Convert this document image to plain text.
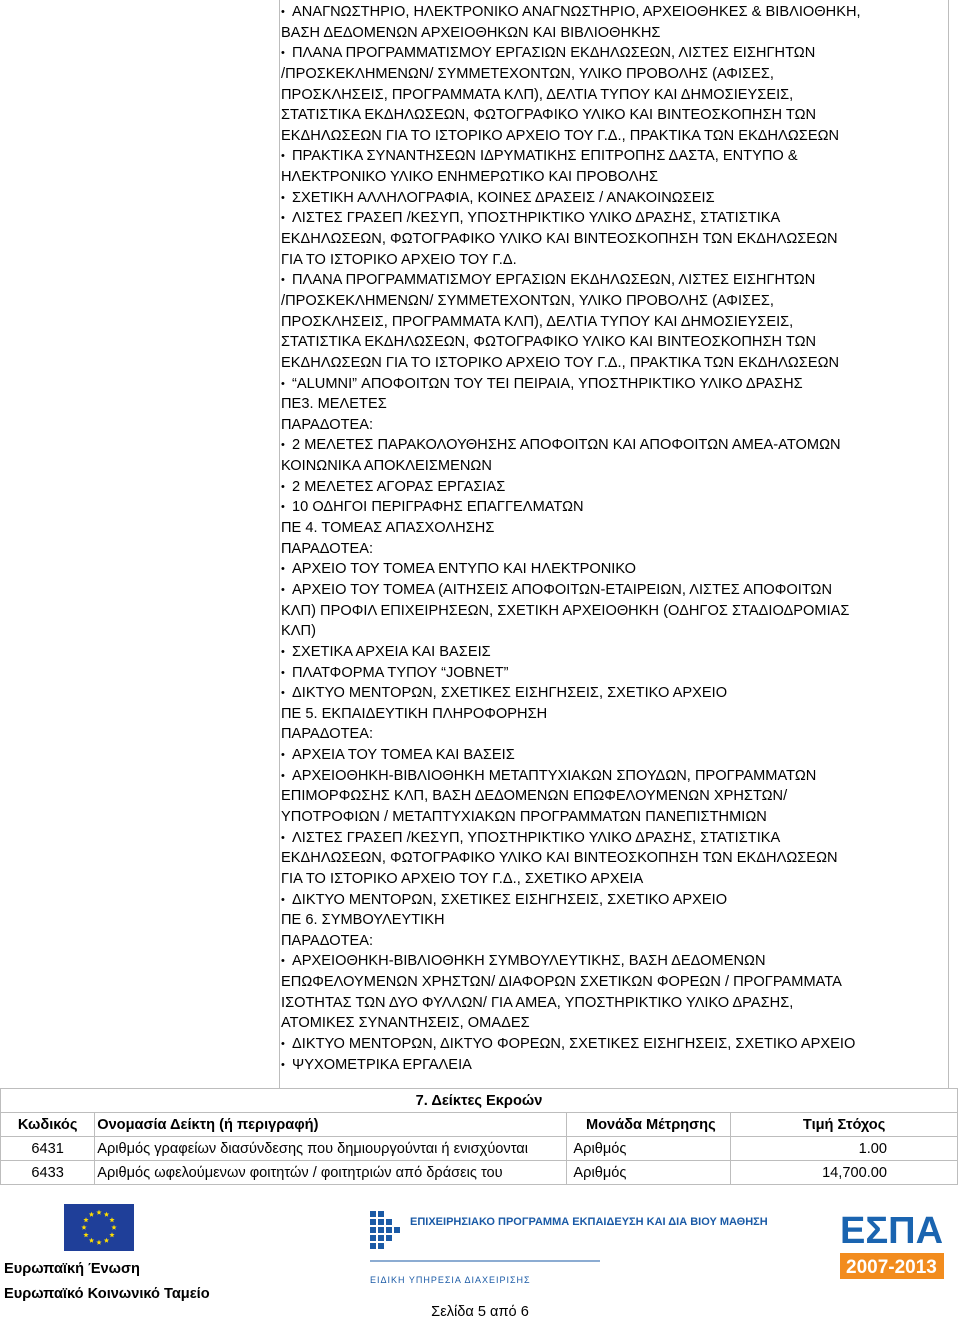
• ΑΝΑΓΝΩΣΤΗΡΙΟ, ΗΛΕΚΤΡΟΝΙΚΟ ΑΝΑΓΝΩΣΤΗΡΙΟ, ΑΡΧΕΙΟΘΗΚΕΣ & ΒΙΒΛΙΟΘΗΚΗ,
ΒΑΣΗ ΔΕΔΟΜΕΝΩΝ ΑΡΧΕΙΟΘΗΚΩΝ ΚΑΙ ΒΙΒΛΙΟΘΗΚΗΣ
• ΠΛΑΝΑ ΠΡΟΓΡΑΜΜΑΤΙΣΜΟΥ ΕΡΓΑΣΙΩΝ ΕΚΔΗΛΩΣΕΩΝ, ΛΙΣΤΕΣ ΕΙΣΗΓΗΤΩΝ
/ΠΡΟΣΚΕΚΛΗΜΕΝΩΝ/ ΣΥΜΜΕΤΕΧΟΝΤΩΝ, ΥΛΙΚΟ ΠΡΟΒΟΛΗΣ (ΑΦΙΣΕΣ,
ΠΡΟΣΚΛΗΣΕΙΣ, ΠΡΟΓΡΑΜΜΑΤΑ ΚΛΠ), ΔΕΛΤΙΑ ΤΥΠΟΥ ΚΑΙ ΔΗΜΟΣΙΕΥΣΕΙΣ,
ΣΤΑΤΙΣΤΙΚΑ ΕΚΔΗΛΩΣΕΩΝ, ΦΩΤΟΓΡΑΦΙΚΟ ΥΛΙΚΟ ΚΑΙ ΒΙΝΤΕΟΣΚΟΠΗΣΗ ΤΩΝ
ΕΚΔΗΛΩΣΕΩΝ ΓΙΑ ΤΟ ΙΣΤΟΡΙΚΟ ΑΡΧΕΙΟ ΤΟΥ Γ.Δ., ΠΡΑΚΤΙΚΑ ΤΩΝ ΕΚΔΗΛΩΣΕΩΝ
• ΠΡΑΚΤΙΚΑ ΣΥΝΑΝΤΗΣΕΩΝ ΙΔΡΥΜΑΤΙΚΗΣ ΕΠΙΤΡΟΠΗΣ ΔΑΣΤΑ, ΕΝΤΥΠΟ &
ΗΛΕΚΤΡΟΝΙΚΟ ΥΛΙΚΟ ΕΝΗΜΕΡΩΤΙΚΟ ΚΑΙ ΠΡΟΒΟΛΗΣ
• ΣΧΕΤΙΚΗ ΑΛΛΗΛΟΓΡΑΦΙΑ, ΚΟΙΝΕΣ ΔΡΑΣΕΙΣ / ΑΝΑΚΟΙΝΩΣΕΙΣ
• ΛΙΣΤΕΣ ΓΡΑΣΕΠ /ΚΕΣΥΠ, ΥΠΟΣΤΗΡΙΚΤΙΚΟ ΥΛΙΚΟ ΔΡΑΣΗΣ, ΣΤΑΤΙΣΤΙΚΑ
ΕΚΔΗΛΩΣΕΩΝ, ΦΩΤΟΓΡΑΦΙΚΟ ΥΛΙΚΟ ΚΑΙ ΒΙΝΤΕΟΣΚΟΠΗΣΗ ΤΩΝ ΕΚΔΗΛΩΣΕΩΝ
ΓΙΑ ΤΟ ΙΣΤΟΡΙΚΟ ΑΡΧΕΙΟ ΤΟΥ Γ.Δ.
• ΠΛΑΝΑ ΠΡΟΓΡΑΜΜΑΤΙΣΜΟΥ ΕΡΓΑΣΙΩΝ ΕΚΔΗΛΩΣΕΩΝ, ΛΙΣΤΕΣ ΕΙΣΗΓΗΤΩΝ
/ΠΡΟΣΚΕΚΛΗΜΕΝΩΝ/ ΣΥΜΜΕΤΕΧΟΝΤΩΝ, ΥΛΙΚΟ ΠΡΟΒΟΛΗΣ (ΑΦΙΣΕΣ,
ΠΡΟΣΚΛΗΣΕΙΣ, ΠΡΟΓΡΑΜΜΑΤΑ ΚΛΠ), ΔΕΛΤΙΑ ΤΥΠΟΥ ΚΑΙ ΔΗΜΟΣΙΕΥΣΕΙΣ,
ΣΤΑΤΙΣΤΙΚΑ ΕΚΔΗΛΩΣΕΩΝ, ΦΩΤΟΓΡΑΦΙΚΟ ΥΛΙΚΟ ΚΑΙ ΒΙΝΤΕΟΣΚΟΠΗΣΗ ΤΩΝ
ΕΚΔΗΛΩΣΕΩΝ ΓΙΑ ΤΟ ΙΣΤΟΡΙΚΟ ΑΡΧΕΙΟ ΤΟΥ Γ.Δ., ΠΡΑΚΤΙΚΑ ΤΩΝ ΕΚΔΗΛΩΣΕΩΝ
• “ALUMNI” ΑΠΟΦΟΙΤΩΝ ΤΟΥ ΤΕΙ ΠΕΙΡΑΙΑ, ΥΠΟΣΤΗΡΙΚΤΙΚΟ ΥΛΙΚΟ ΔΡΑΣΗΣ
ΠΕ3. ΜΕΛΕΤΕΣ
ΠΑΡΑΔΟΤΕΑ:
• 2 ΜΕΛΕΤΕΣ ΠΑΡΑΚΟΛΟΥΘΗΣΗΣ ΑΠΟΦΟΙΤΩΝ ΚΑΙ ΑΠΟΦΟΙΤΩΝ ΑΜΕΑ-ΑΤΟΜΩΝ
ΚΟΙΝΩΝΙΚΑ ΑΠΟΚΛΕΙΣΜΕΝΩΝ
• 2 ΜΕΛΕΤΕΣ ΑΓΟΡΑΣ ΕΡΓΑΣΙΑΣ
• 10 ΟΔΗΓΟΙ ΠΕΡΙΓΡΑΦΗΣ ΕΠΑΓΓΕΛΜΑΤΩΝ
ΠΕ 4. ΤΟΜΕΑΣ ΑΠΑΣΧΟΛΗΣΗΣ
ΠΑΡΑΔΟΤΕΑ:
• ΑΡΧΕΙΟ ΤΟΥ ΤΟΜΕΑ ΕΝΤΥΠΟ ΚΑΙ ΗΛΕΚΤΡΟΝΙΚΟ
• ΑΡΧΕΙΟ ΤΟΥ ΤΟΜΕΑ (ΑΙΤΗΣΕΙΣ ΑΠΟΦΟΙΤΩΝ-ΕΤΑΙΡΕΙΩΝ, ΛΙΣΤΕΣ ΑΠΟΦΟΙΤΩΝ
ΚΛΠ) ΠΡΟΦΙΛ ΕΠΙΧΕΙΡΗΣΕΩΝ, ΣΧΕΤΙΚΗ ΑΡΧΕΙΟΘΗΚΗ (ΟΔΗΓΟΣ ΣΤΑΔΙΟΔΡΟΜΙΑΣ
ΚΛΠ)
• ΣΧΕΤΙΚΑ ΑΡΧΕΙΑ ΚΑΙ ΒΑΣΕΙΣ
• ΠΛΑΤΦΟΡΜΑ ΤΥΠΟΥ “JOBNET”
• ΔΙΚΤΥΟ ΜΕΝΤΟΡΩΝ, ΣΧΕΤΙΚΕΣ ΕΙΣΗΓΗΣΕΙΣ, ΣΧΕΤΙΚΟ ΑΡΧΕΙΟ
ΠΕ 5. ΕΚΠΑΙΔΕΥΤΙΚΗ ΠΛΗΡΟΦΟΡΗΣΗ
ΠΑΡΑΔΟΤΕΑ:
• ΑΡΧΕΙΑ ΤΟΥ ΤΟΜΕΑ ΚΑΙ ΒΑΣΕΙΣ
• ΑΡΧΕΙΟΘΗΚΗ-ΒΙΒΛΙΟΘΗΚΗ ΜΕΤΑΠΤΥΧΙΑΚΩΝ ΣΠΟΥΔΩΝ, ΠΡΟΓΡΑΜΜΑΤΩΝ
ΕΠΙΜΟΡΦΩΣΗΣ ΚΛΠ, ΒΑΣΗ ΔΕΔΟΜΕΝΩΝ ΕΠΩΦΕΛΟΥΜΕΝΩΝ ΧΡΗΣΤΩΝ/
ΥΠΟΤΡΟΦΙΩΝ / ΜΕΤΑΠΤΥΧΙΑΚΩΝ ΠΡΟΓΡΑΜΜΑΤΩΝ ΠΑΝΕΠΙΣΤΗΜΙΩΝ
• ΛΙΣΤΕΣ ΓΡΑΣΕΠ /ΚΕΣΥΠ, ΥΠΟΣΤΗΡΙΚΤΙΚΟ ΥΛΙΚΟ ΔΡΑΣΗΣ, ΣΤΑΤΙΣΤΙΚΑ
ΕΚΔΗΛΩΣΕΩΝ, ΦΩΤΟΓΡΑΦΙΚΟ ΥΛΙΚΟ ΚΑΙ ΒΙΝΤΕΟΣΚΟΠΗΣΗ ΤΩΝ ΕΚΔΗΛΩΣΕΩΝ
ΓΙΑ ΤΟ ΙΣΤΟΡΙΚΟ ΑΡΧΕΙΟ ΤΟΥ Γ.Δ., ΣΧΕΤΙΚΟ ΑΡΧΕΙΑ
• ΔΙΚΤΥΟ ΜΕΝΤΟΡΩΝ, ΣΧΕΤΙΚΕΣ ΕΙΣΗΓΗΣΕΙΣ, ΣΧΕΤΙΚΟ ΑΡΧΕΙΟ
ΠΕ 6. ΣΥΜΒΟΥΛΕΥΤΙΚΗ
ΠΑΡΑΔΟΤΕΑ:
• ΑΡΧΕΙΟΘΗΚΗ-ΒΙΒΛΙΟΘΗΚΗ ΣΥΜΒΟΥΛΕΥΤΙΚΗΣ, ΒΑΣΗ ΔΕΔΟΜΕΝΩΝ
ΕΠΩΦΕΛΟΥΜΕΝΩΝ ΧΡΗΣΤΩΝ/ ΔΙΑΦΟΡΩΝ ΣΧΕΤΙΚΩΝ ΦΟΡΕΩΝ / ΠΡΟΓΡΑΜΜΑΤΑ
ΙΣΟΤΗΤΑΣ ΤΩΝ ΔΥΟ ΦΥΛΛΩΝ/ ΓΙΑ ΑΜΕΑ, ΥΠΟΣΤΗΡΙΚΤΙΚΟ ΥΛΙΚΟ ΔΡΑΣΗΣ,
ΑΤΟΜΙΚΕΣ ΣΥΝΑΝΤΗΣΕΙΣ, ΟΜΑΔΕΣ
• ΔΙΚΤΥΟ ΜΕΝΤΟΡΩΝ, ΔΙΚΤΥΟ ΦΟΡΕΩΝ, ΣΧΕΤΙΚΕΣ ΕΙΣΗΓΗΣΕΙΣ, ΣΧΕΤΙΚΟ ΑΡΧΕΙΟ
• ΨΥΧΟΜΕΤΡΙΚΑ ΕΡΓΑΛΕΙΑ
7. Δείκτες Εκροών			
Κωδικός	Ονομασία Δείκτη (ή περιγραφή)	Μονάδα Μέτρησης	Τιμή Στόχος
6431	Αριθμός γραφείων διασύνδεσης που δημιουργούνται ή ενισχύονται	Αριθμός	1.00
6433	Αριθμός ωφελούμενων φοιτητών / φοιτητριών από δράσεις του	Αριθμός	14,700.00
Ευρωπαϊκή Ένωση
Ευρωπαϊκό Κοινωνικό Ταμείο
ΕΠΙΧΕΙΡΗΣΙΑΚΟ ΠΡΟΓΡΑΜΜΑ ΕΚΠΑΙΔΕΥΣΗ ΚΑΙ ΔΙΑ ΒΙΟΥ ΜΑΘΗΣΗ
ΕΙΔΙΚΗ ΥΠΗΡΕΣΙΑ ΔΙΑΧΕΙΡΙΣΗΣ
ΕΣΠΑ
2007-2013
Σελίδα 5 από 6
